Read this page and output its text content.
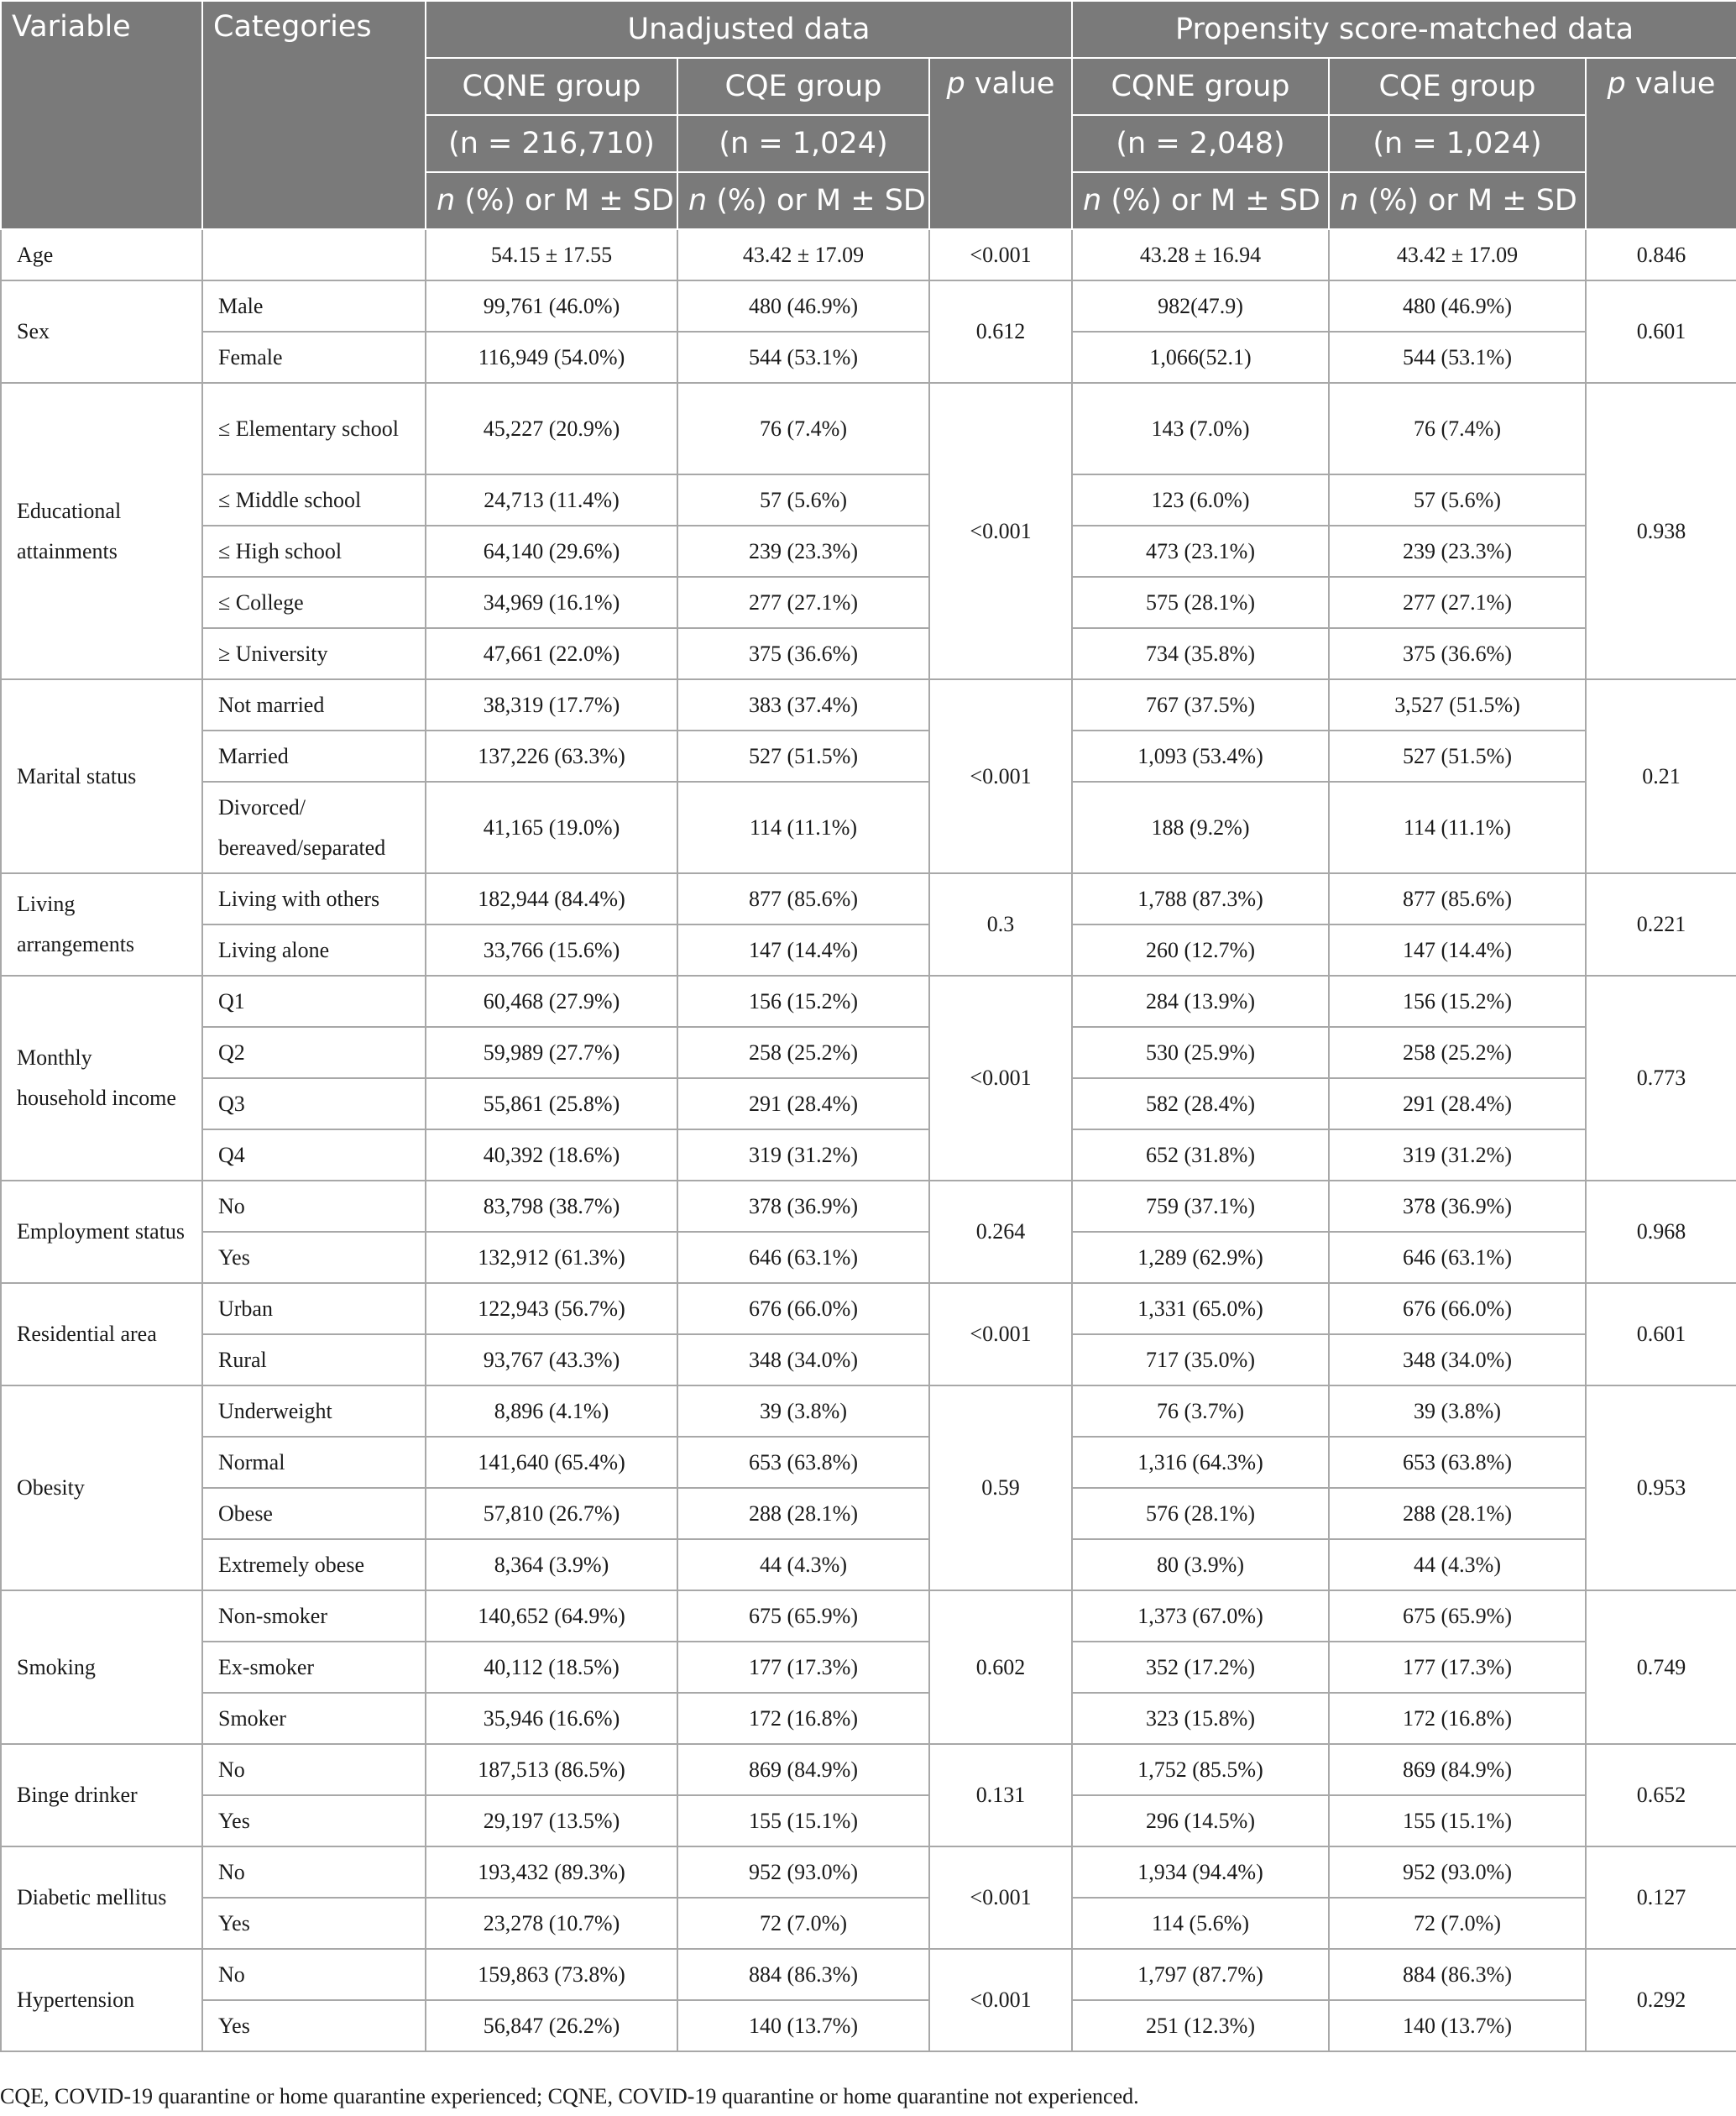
Variable	Categories	Unadjusted data			Propensity score-matched data		
		CQNE group	CQE group	p value	CQNE group	CQE group	p value
		(n = 216,710)	(n = 1,024)		(n = 2,048)	(n = 1,024)	
		n (%) or M ± SD	n (%) or M ± SD		n (%) or M ± SD	n (%) or M ± SD	
Age		54.15 ± 17.55	43.42 ± 17.09	<0.001	43.28 ± 16.94	43.42 ± 17.09	0.846
Sex	Male	99,761 (46.0%)	480 (46.9%)	0.612	982(47.9)	480 (46.9%)	0.601
	Female	116,949 (54.0%)	544 (53.1%)		1,066(52.1)	544 (53.1%)	
Educational attainments	≤ Elementary school	45,227 (20.9%)	76 (7.4%)	<0.001	143 (7.0%)	76 (7.4%)	0.938
	≤ Middle school	24,713 (11.4%)	57 (5.6%)		123 (6.0%)	57 (5.6%)	
	≤ High school	64,140 (29.6%)	239 (23.3%)		473 (23.1%)	239 (23.3%)	
	≤ College	34,969 (16.1%)	277 (27.1%)		575 (28.1%)	277 (27.1%)	
	≥ University	47,661 (22.0%)	375 (36.6%)		734 (35.8%)	375 (36.6%)	
Marital status	Not married	38,319 (17.7%)	383 (37.4%)	<0.001	767 (37.5%)	3,527 (51.5%)	0.21
	Married	137,226 (63.3%)	527 (51.5%)		1,093 (53.4%)	527 (51.5%)	
	Divorced/ bereaved/separated	41,165 (19.0%)	114 (11.1%)		188 (9.2%)	114 (11.1%)	
Living arrangements	Living with others	182,944 (84.4%)	877 (85.6%)	0.3	1,788 (87.3%)	877 (85.6%)	0.221
	Living alone	33,766 (15.6%)	147 (14.4%)		260 (12.7%)	147 (14.4%)	
Monthly household income	Q1	60,468 (27.9%)	156 (15.2%)	<0.001	284 (13.9%)	156 (15.2%)	0.773
	Q2	59,989 (27.7%)	258 (25.2%)		530 (25.9%)	258 (25.2%)	
	Q3	55,861 (25.8%)	291 (28.4%)		582 (28.4%)	291 (28.4%)	
	Q4	40,392 (18.6%)	319 (31.2%)		652 (31.8%)	319 (31.2%)	
Employment status	No	83,798 (38.7%)	378 (36.9%)	0.264	759 (37.1%)	378 (36.9%)	0.968
	Yes	132,912 (61.3%)	646 (63.1%)		1,289 (62.9%)	646 (63.1%)	
Residential area	Urban	122,943 (56.7%)	676 (66.0%)	<0.001	1,331 (65.0%)	676 (66.0%)	0.601
	Rural	93,767 (43.3%)	348 (34.0%)		717 (35.0%)	348 (34.0%)	
Obesity	Underweight	8,896 (4.1%)	39 (3.8%)	0.59	76 (3.7%)	39 (3.8%)	0.953
	Normal	141,640 (65.4%)	653 (63.8%)		1,316 (64.3%)	653 (63.8%)	
	Obese	57,810 (26.7%)	288 (28.1%)		576 (28.1%)	288 (28.1%)	
	Extremely obese	8,364 (3.9%)	44 (4.3%)		80 (3.9%)	44 (4.3%)	
Smoking	Non-smoker	140,652 (64.9%)	675 (65.9%)	0.602	1,373 (67.0%)	675 (65.9%)	0.749
	Ex-smoker	40,112 (18.5%)	177 (17.3%)		352 (17.2%)	177 (17.3%)	
	Smoker	35,946 (16.6%)	172 (16.8%)		323 (15.8%)	172 (16.8%)	
Binge drinker	No	187,513 (86.5%)	869 (84.9%)	0.131	1,752 (85.5%)	869 (84.9%)	0.652
	Yes	29,197 (13.5%)	155 (15.1%)		296 (14.5%)	155 (15.1%)	
Diabetic mellitus	No	193,432 (89.3%)	952 (93.0%)	<0.001	1,934 (94.4%)	952 (93.0%)	0.127
	Yes	23,278 (10.7%)	72 (7.0%)		114 (5.6%)	72 (7.0%)	
Hypertension	No	159,863 (73.8%)	884 (86.3%)	<0.001	1,797 (87.7%)	884 (86.3%)	0.292
	Yes	56,847 (26.2%)	140 (13.7%)		251 (12.3%)	140 (13.7%)	
CQE, COVID-19 quarantine or home quarantine experienced; CQNE, COVID-19 quarantine or home quarantine not experienced.
